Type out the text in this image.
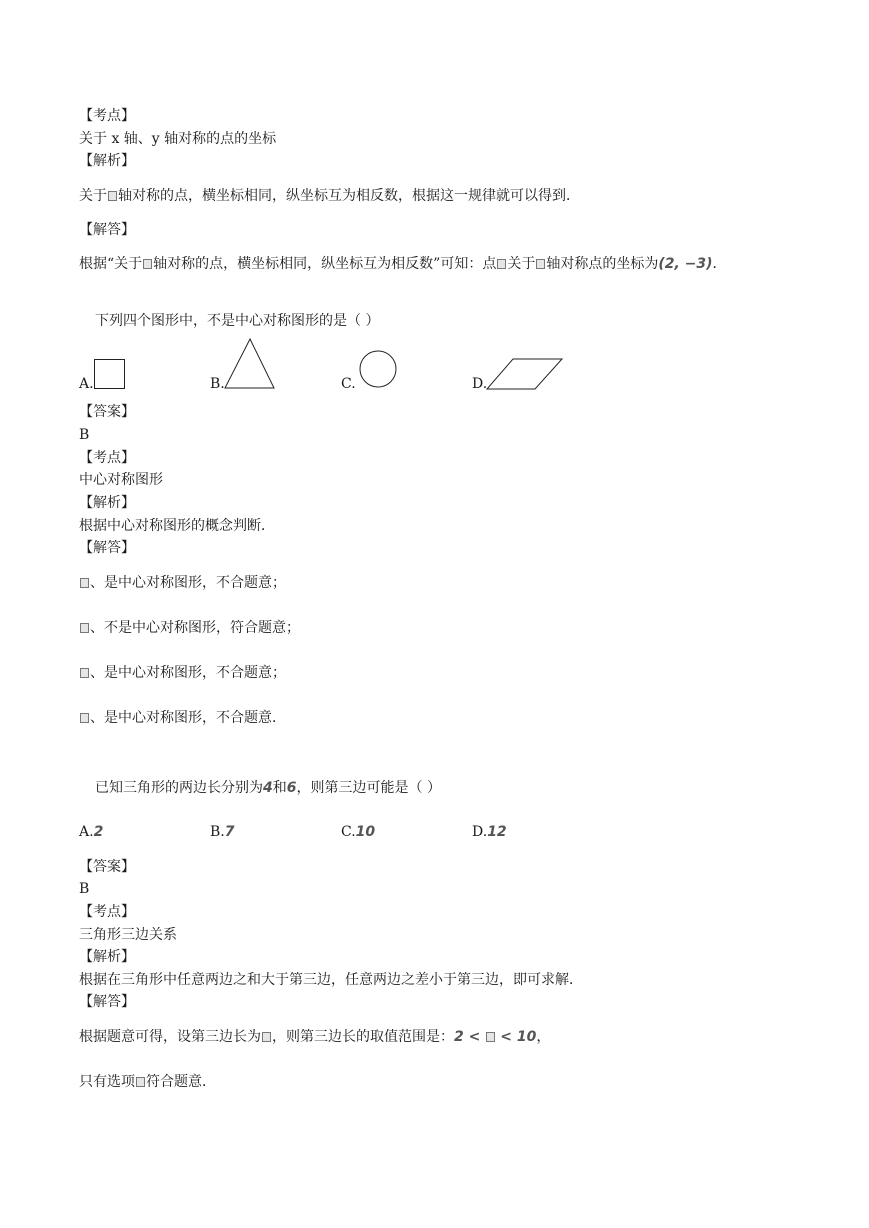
【考点】
关于 x 轴、y 轴对称的点的坐标
【解析】
关于 轴对称的点，横坐标相同，纵坐标互为相反数，根据这一规律就可以得到．
【解答】
根据“关于 轴对称的点，横坐标相同，纵坐标互为相反数”可知：点 关于 轴对称点的坐标为(2, −3)．
下列四个图形中，不是中心对称图形的是（ ）
A.	B.	C.	D.
【答案】
B
【考点】
中心对称图形
【解析】
根据中心对称图形的概念判断．
【解答】
、是中心对称图形，不合题意；
、不是中心对称图形，符合题意；
、是中心对称图形，不合题意；
、是中心对称图形，不合题意．
已知三角形的两边长分别为4和6，则第三边可能是（ ）
A.2	B.7	C.10	D.12
【答案】
B
【考点】
三角形三边关系
【解析】
根据在三角形中任意两边之和大于第三边，任意两边之差小于第三边，即可求解．
【解答】
根据题意可得，设第三边长为 ，则第三边长的取值范围是：2 < < 10，
只有选项 符合题意．
